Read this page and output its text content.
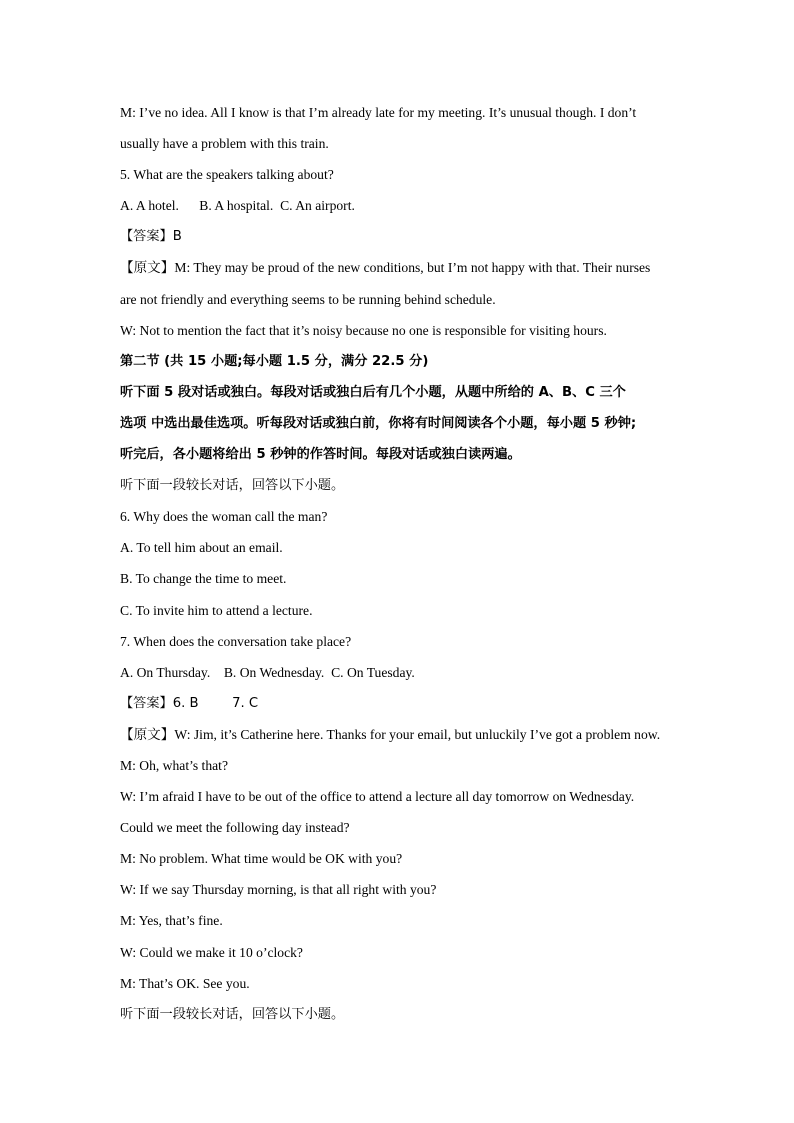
M: I’ve no idea. All I know is that I’m already late for my meeting. It’s unusual though. I don’t
usually have a problem with this train.
5. What are the speakers talking about?
A. A hotel.      B. A hospital.  C. An airport.
【答案】B
【原文】M: They may be proud of the new conditions, but I’m not happy with that. Their nurses
are not friendly and everything seems to be running behind schedule.
W: Not to mention the fact that it’s noisy because no one is responsible for visiting hours.
第二节 (共 15 小题;每小题 1.5 分，满分 22.5 分)
听下面 5 段对话或独白。每段对话或独白后有几个小题，从题中所给的 A、B、C 三个
选项 中选出最佳选项。听每段对话或独白前，你将有时间阅读各个小题，每小题 5 秒钟;
听完后，各小题将给出 5 秒钟的作答时间。每段对话或独白读两遍。
听下面一段较长对话，回答以下小题。
6. Why does the woman call the man?
A. To tell him about an email.
B. To change the time to meet.
C. To invite him to attend a lecture.
7. When does the conversation take place?
A. On Thursday.    B. On Wednesday.  C. On Tuesday.
【答案】6. B        7. C
【原文】W: Jim, it’s Catherine here. Thanks for your email, but unluckily I’ve got a problem now.
M: Oh, what’s that?
W: I’m afraid I have to be out of the office to attend a lecture all day tomorrow on Wednesday.
Could we meet the following day instead?
M: No problem. What time would be OK with you?
W: If we say Thursday morning, is that all right with you?
M: Yes, that’s fine.
W: Could we make it 10 o’clock?
M: That’s OK. See you.
听下面一段较长对话，回答以下小题。
